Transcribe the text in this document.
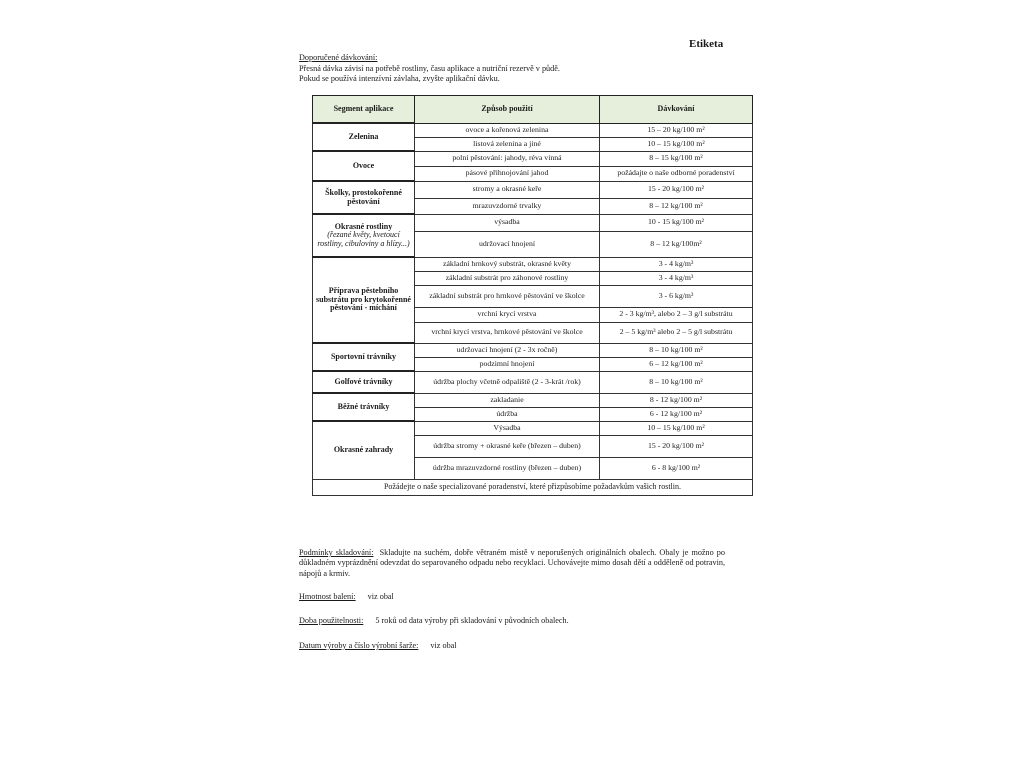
Etiketa
Doporučené dávkování:
Přesná dávka závisí na potřebě rostliny, času aplikace a nutriční rezervě v půdě.
Pokud se používá intenzívní závlaha, zvyšte aplikační dávku.
Segment aplikace	Způsob použití	Dávkování
Zelenina	ovoce a kořenová zelenina	15 – 20 kg/100 m²
	listová zelenina a jiné	10 – 15 kg/100 m²
Ovoce	polní pěstování: jahody, réva vinná	8 – 15 kg/100 m²
	pásové přihnojování jahod	požádajte o naše odborné poradenství
Školky, prostokořenné pěstování	stromy a okrasné keře	15 - 20 kg/100 m²
	mrazuvzdorné trvalky	8 – 12 kg/100 m²
Okrasné rostliny
(řezané květy, kvetoucí rostliny, cibuloviny a hlízy...)	výsadba	10 - 15 kg/100 m²
	udržovací hnojení	8 – 12 kg/100m²
Příprava pěstebního substrátu pro krytokořenné pěstování - míchání	základní hrnkový substrát, okrasné květy	3 - 4 kg/m³
	základní substrát pro záhonové rostliny	3 - 4 kg/m³
	základní substrát pro hrnkové pěstování ve školce	3 - 6 kg/m³
	vrchní krycí vrstva	2 - 3 kg/m³, alebo 2 – 3 g/l substrátu
	vrchní krycí vrstva, hrnkové pěstování ve školce	2 – 5 kg/m³ alebo 2 – 5 g/l substrátu
Sportovní trávníky	udržovací hnojení (2 - 3x ročně)	8 – 10 kg/100 m²
	podzimní hnojení	6 – 12 kg/100 m²
Golfové trávníky	údržba plochy včetně odpaliště (2 - 3-krát /rok)	8 – 10 kg/100 m²
Běžné trávníky	zakladanie	8 - 12 kg/100 m²
	údržba	6 - 12 kg/100 m²
Okrasné zahrady	Výsadba	10 – 15 kg/100 m²
	údržba stromy + okrasné keře (březen – duben)	15 - 20 kg/100 m²
	údržba mrazuvzdorné rostliny (březen – duben)	6 - 8 kg/100 m²
Požádejte o naše specializované poradenství, které přizpůsobíme požadavkům vašich rostlin.		
Podmínky skladování: Skladujte na suchém, dobře větraném místě v neporušených originálních obalech. Obaly je možno po důkladném vyprázdnění odevzdat do separovaného odpadu nebo recyklaci. Uchovávejte mimo dosah dětí a odděleně od potravin, nápojů a krmiv.
Hmotnost balení: viz obal
Doba použitelnosti: 5 roků od data výroby při skladování v původních obalech.
Datum výroby a číslo výrobní šarže: viz obal
